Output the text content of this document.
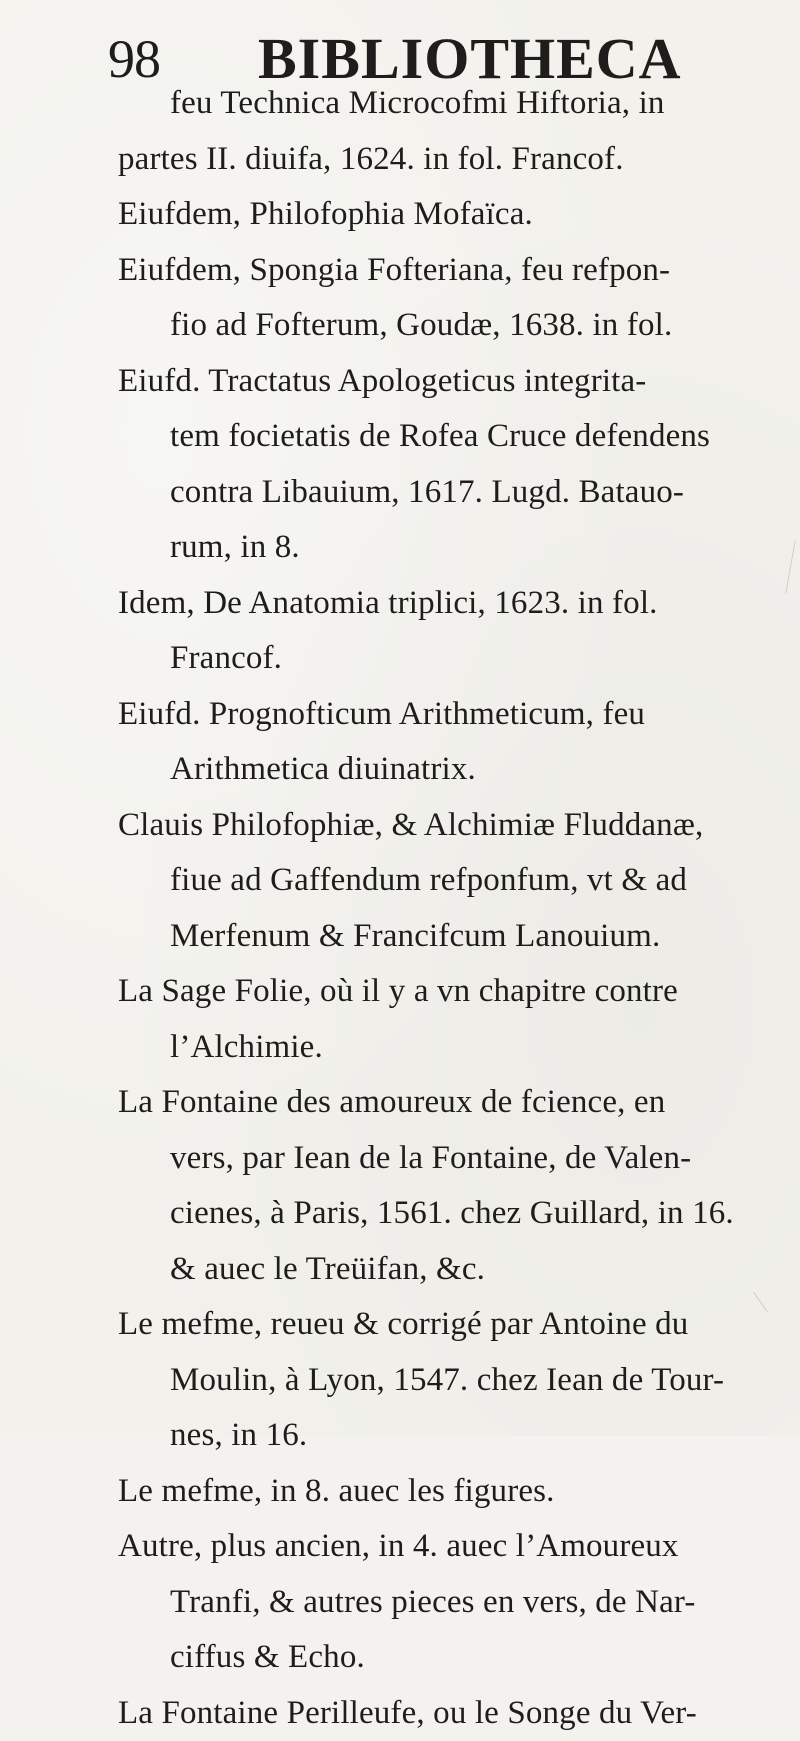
98 BIBLIOTHECA
feu Technica Microcofmi Hiftoria, in
partes II. diuifa, 1624. in fol. Francof.
Eiufdem, Philofophia Mofaïca.
Eiufdem, Spongia Fofteriana, feu refpon-
fio ad Fofterum, Goudæ, 1638. in fol.
Eiufd. Tractatus Apologeticus integrita-
tem focietatis de Rofea Cruce defendens
contra Libauium, 1617. Lugd. Batauo-
rum, in 8.
Idem, De Anatomia triplici, 1623. in fol.
Francof.
Eiufd. Prognofticum Arithmeticum, feu
Arithmetica diuinatrix.
Clauis Philofophiæ, & Alchimiæ Fluddanæ,
fiue ad Gaffendum refponfum, vt & ad
Merfenum & Francifcum Lanouium.
La Sage Folie, où il y a vn chapitre contre
l’Alchimie.
La Fontaine des amoureux de fcience, en
vers, par Iean de la Fontaine, de Valen-
cienes, à Paris, 1561. chez Guillard, in 16.
& auec le Treüifan, &c.
Le mefme, reueu & corrigé par Antoine du
Moulin, à Lyon, 1547. chez Iean de Tour-
nes, in 16.
Le mefme, in 8. auec les figures.
Autre, plus ancien, in 4. auec l’Amoureux
Tranfi, & autres pieces en vers, de Nar-
ciffus & Echo.
La Fontaine Perilleufe, ou le Songe du Ver-
